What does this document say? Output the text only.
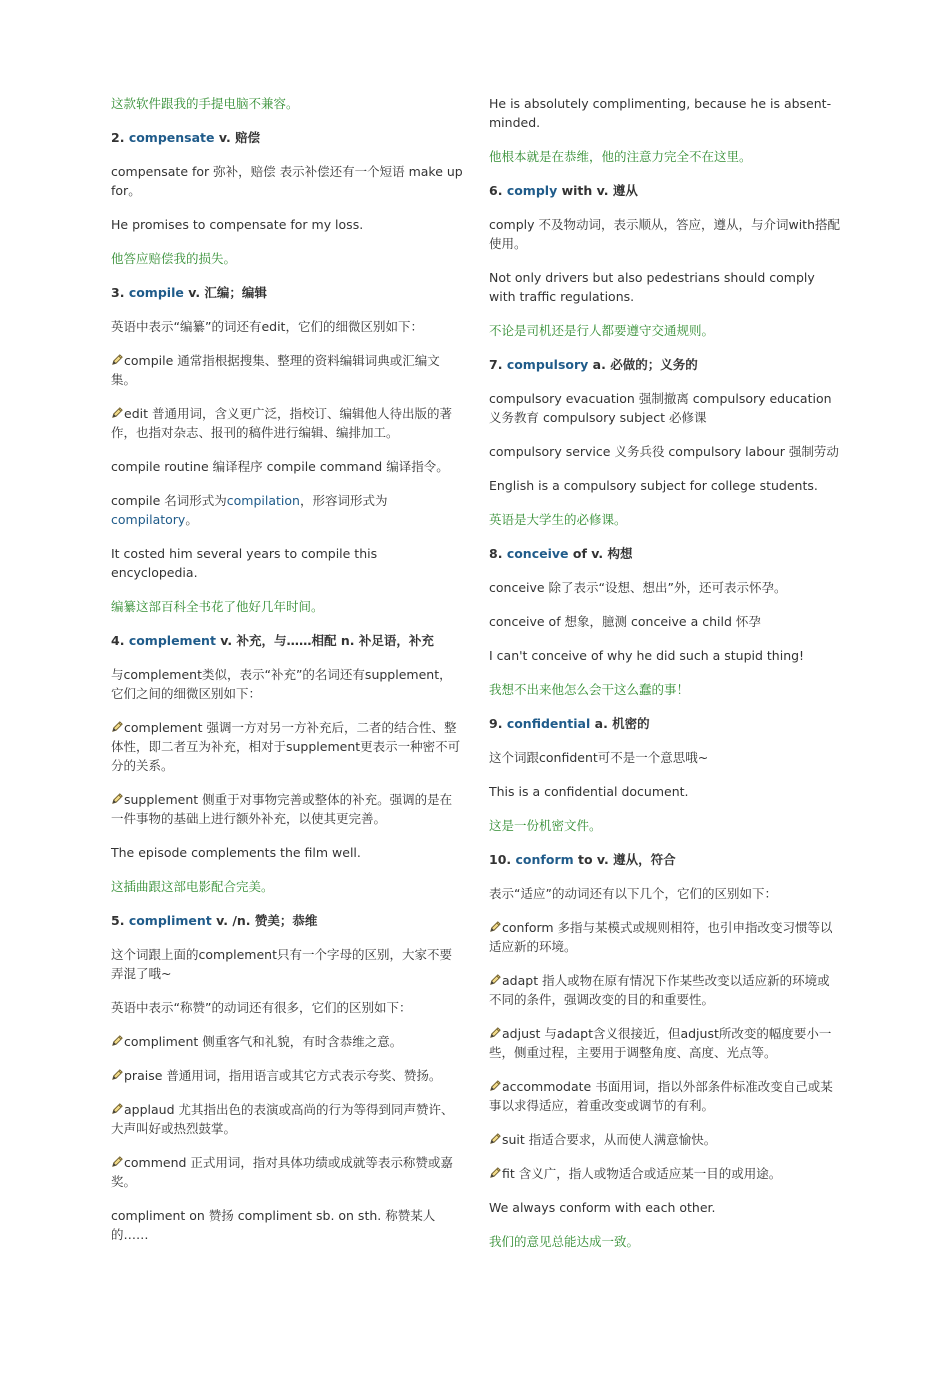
这款软件跟我的手提电脑不兼容。

2. compensate v. 赔偿

compensate for 弥补，赔偿 表示补偿还有一个短语 make up for。

He promises to compensate for my loss.

他答应赔偿我的损失。

3. compile v. 汇编；编辑

英语中表示“编纂”的词还有edit，它们的细微区别如下：

compile 通常指根据搜集、整理的资料编辑词典或汇编文集。

edit 普通用词，含义更广泛，指校订、编辑他人待出版的著作，也指对杂志、报刊的稿件进行编辑、编排加工。

compile routine 编译程序 compile command 编译指令。

compile 名词形式为compilation，形容词形式为compilatory。

It costed him several years to compile this encyclopedia.

编纂这部百科全书花了他好几年时间。

4. complement v. 补充，与……相配 n. 补足语，补充

与complement类似，表示“补充”的名词还有supplement，它们之间的细微区别如下：

complement 强调一方对另一方补充后，二者的结合性、整体性，即二者互为补充，相对于supplement更表示一种密不可分的关系。

supplement 侧重于对事物完善或整体的补充。强调的是在一件事物的基础上进行额外补充，以使其更完善。

The episode complements the film well.

这插曲跟这部电影配合完美。

5. compliment v. /n. 赞美；恭维

这个词跟上面的complement只有一个字母的区别，大家不要弄混了哦~

英语中表示“称赞”的动词还有很多，它们的区别如下：

compliment 侧重客气和礼貌，有时含恭维之意。

praise 普通用词，指用语言或其它方式表示夸奖、赞扬。

applaud 尤其指出色的表演或高尚的行为等得到同声赞许、大声叫好或热烈鼓掌。

commend 正式用词，指对具体功绩或成就等表示称赞或嘉奖。

compliment on 赞扬 compliment sb. on sth. 称赞某人的……

He is absolutely complimenting, because he is absent-minded.

他根本就是在恭维，他的注意力完全不在这里。

6. comply with v. 遵从

comply 不及物动词，表示顺从，答应，遵从，与介词with搭配使用。

Not only drivers but also pedestrians should comply with traffic regulations.

不论是司机还是行人都要遵守交通规则。

7. compulsory a. 必做的；义务的

compulsory evacuation 强制撤离 compulsory education 义务教育 compulsory subject 必修课

compulsory service 义务兵役 compulsory labour 强制劳动

English is a compulsory subject for college students.

英语是大学生的必修课。

8. conceive of v. 构想

conceive 除了表示“设想、想出”外，还可表示怀孕。

conceive of 想象，臆测 conceive a child 怀孕

I can't conceive of why he did such a stupid thing!

我想不出来他怎么会干这么蠢的事！

9. confidential a. 机密的

这个词跟confident可不是一个意思哦~

This is a confidential document.

这是一份机密文件。

10. conform to v. 遵从，符合

表示“适应”的动词还有以下几个，它们的区别如下：

conform 多指与某模式或规则相符，也引申指改变习惯等以适应新的环境。

adapt 指人或物在原有情况下作某些改变以适应新的环境或不同的条件，强调改变的目的和重要性。

adjust 与adapt含义很接近，但adjust所改变的幅度要小一些，侧重过程，主要用于调整角度、高度、光点等。

accommodate 书面用词，指以外部条件标准改变自己或某事以求得适应，着重改变或调节的有利。

suit 指适合要求，从而使人满意愉快。

fit 含义广，指人或物适合或适应某一目的或用途。

We always conform with each other.

我们的意见总能达成一致。
